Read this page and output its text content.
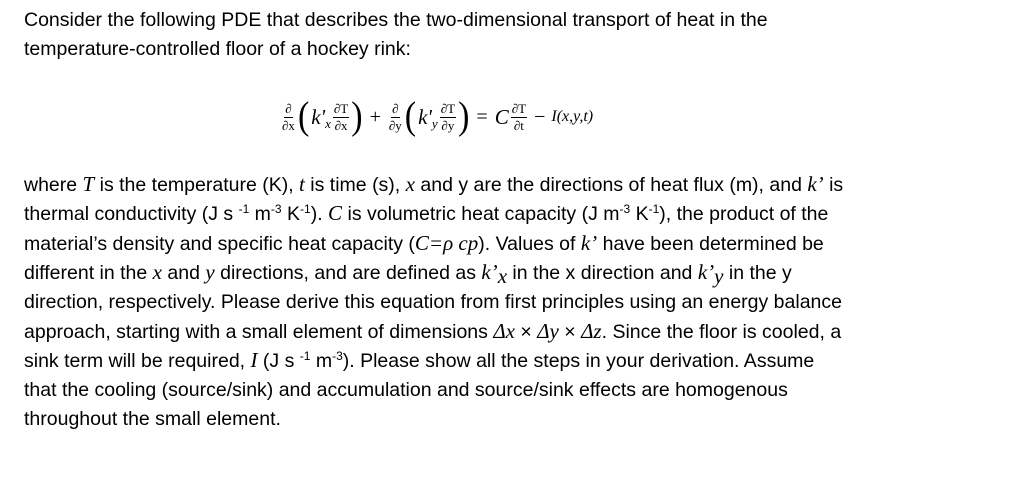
Consider the following PDE that describes the two-dimensional transport of heat in the
temperature-controlled floor of a hockey rink:
$\frac{\partial}{\partial x}$ ( $k'_x \frac{\partial T}{\partial x}$ ) + $\frac{\partial}{\partial y}$ ( $k'_y \frac{\partial T}{\partial y}$ ) = C $\frac{\partial T}{\partial t} - I(x,y,t)$
where T is the temperature (K), t is time (s), x and y are the directions of heat flux (m), and k’ is
thermal conductivity (J s $^{-1}$ $m^{-3}$ $K^{-1}$). C is volumetric heat capacity (J $m^{-3}$ $K^{-1}$), the product of the
material’s density and specific heat capacity (C=ρ cp). Values of k’ have been determined be
different in the x and y directions, and are defined as $k’_x$ in the x direction and $k’_y$ in the y
direction, respectively. Please derive this equation from first principles using an energy balance
approach, starting with a small element of dimensions Δx × Δy × Δz. Since the floor is cooled, a
sink term will be required, I (J s $^{-1}$ $m^{-3}$). Please show all the steps in your derivation. Assume
that the cooling (source/sink) and accumulation and source/sink effects are homogenous
throughout the small element.
